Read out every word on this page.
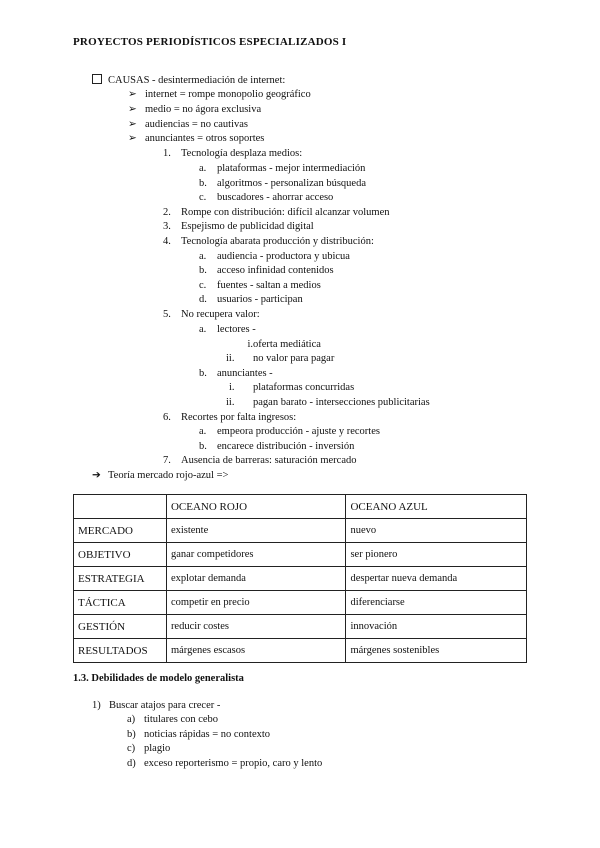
PROYECTOS PERIODÍSTICOS ESPECIALIZADOS I
CAUSAS - desintermediación de internet:
➢ internet = rompe monopolio geográfico
➢ medio = no ágora exclusiva
➢ audiencias = no cautivas
➢ anunciantes = otros soportes
1. Tecnología desplaza medios:
a. plataformas - mejor intermediación
b. algoritmos - personalizan búsqueda
c. buscadores - ahorrar acceso
2. Rompe con distribución: difícil alcanzar volumen
3. Espejismo de publicidad digital
4. Tecnología abarata producción y distribución:
a. audiencia - productora y ubicua
b. acceso infinidad contenidos
c. fuentes - saltan a medios
d. usuarios - participan
5. No recupera valor:
a. lectores -
i.oferta mediática
ii. no valor para pagar
b. anunciantes -
i. plataformas concurridas
ii. pagan barato - intersecciones publicitarias
6. Recortes por falta ingresos:
a. empeora producción - ajuste y recortes
b. encarece distribución - inversión
7. Ausencia de barreras: saturación mercado
➔ Teoría mercado rojo-azul =>
	OCEANO ROJO	OCEANO AZUL
MERCADO	existente	nuevo
OBJETIVO	ganar competidores	ser pionero
ESTRATEGIA	explotar demanda	despertar nueva demanda
TÁCTICA	competir en precio	diferenciarse
GESTIÓN	reducir costes	innovación
RESULTADOS	márgenes escasos	márgenes sostenibles
1.3. Debilidades de modelo generalista
1) Buscar atajos para crecer -
a) titulares con cebo
b) noticias rápidas = no contexto
c) plagio
d) exceso reporterismo = propio, caro y lento
